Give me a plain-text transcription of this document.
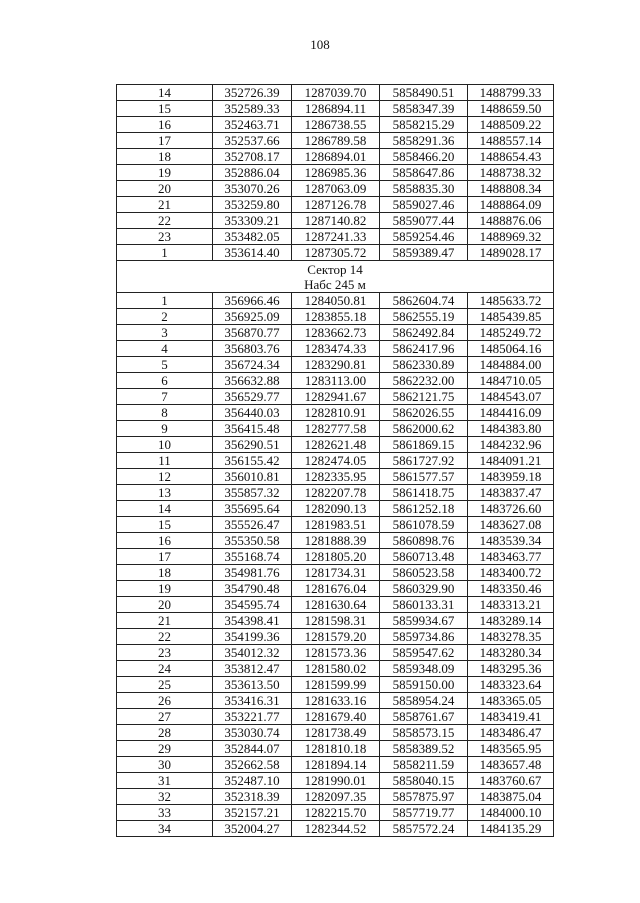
108
14	352726.39	1287039.70	5858490.51	1488799.33
15	352589.33	1286894.11	5858347.39	1488659.50
16	352463.71	1286738.55	5858215.29	1488509.22
17	352537.66	1286789.58	5858291.36	1488557.14
18	352708.17	1286894.01	5858466.20	1488654.43
19	352886.04	1286985.36	5858647.86	1488738.32
20	353070.26	1287063.09	5858835.30	1488808.34
21	353259.80	1287126.78	5859027.46	1488864.09
22	353309.21	1287140.82	5859077.44	1488876.06
23	353482.05	1287241.33	5859254.46	1488969.32
1	353614.40	1287305.72	5859389.47	1489028.17

Сектор 14
Набс 245 м				

1	356966.46	1284050.81	5862604.74	1485633.72
2	356925.09	1283855.18	5862555.19	1485439.85
3	356870.77	1283662.73	5862492.84	1485249.72
4	356803.76	1283474.33	5862417.96	1485064.16
5	356724.34	1283290.81	5862330.89	1484884.00
6	356632.88	1283113.00	5862232.00	1484710.05
7	356529.77	1282941.67	5862121.75	1484543.07
8	356440.03	1282810.91	5862026.55	1484416.09
9	356415.48	1282777.58	5862000.62	1484383.80
10	356290.51	1282621.48	5861869.15	1484232.96
11	356155.42	1282474.05	5861727.92	1484091.21
12	356010.81	1282335.95	5861577.57	1483959.18
13	355857.32	1282207.78	5861418.75	1483837.47
14	355695.64	1282090.13	5861252.18	1483726.60
15	355526.47	1281983.51	5861078.59	1483627.08
16	355350.58	1281888.39	5860898.76	1483539.34
17	355168.74	1281805.20	5860713.48	1483463.77
18	354981.76	1281734.31	5860523.58	1483400.72
19	354790.48	1281676.04	5860329.90	1483350.46
20	354595.74	1281630.64	5860133.31	1483313.21
21	354398.41	1281598.31	5859934.67	1483289.14
22	354199.36	1281579.20	5859734.86	1483278.35
23	354012.32	1281573.36	5859547.62	1483280.34
24	353812.47	1281580.02	5859348.09	1483295.36
25	353613.50	1281599.99	5859150.00	1483323.64
26	353416.31	1281633.16	5858954.24	1483365.05
27	353221.77	1281679.40	5858761.67	1483419.41
28	353030.74	1281738.49	5858573.15	1483486.47
29	352844.07	1281810.18	5858389.52	1483565.95
30	352662.58	1281894.14	5858211.59	1483657.48
31	352487.10	1281990.01	5858040.15	1483760.67
32	352318.39	1282097.35	5857875.97	1483875.04
33	352157.21	1282215.70	5857719.77	1484000.10
34	352004.27	1282344.52	5857572.24	1484135.29
